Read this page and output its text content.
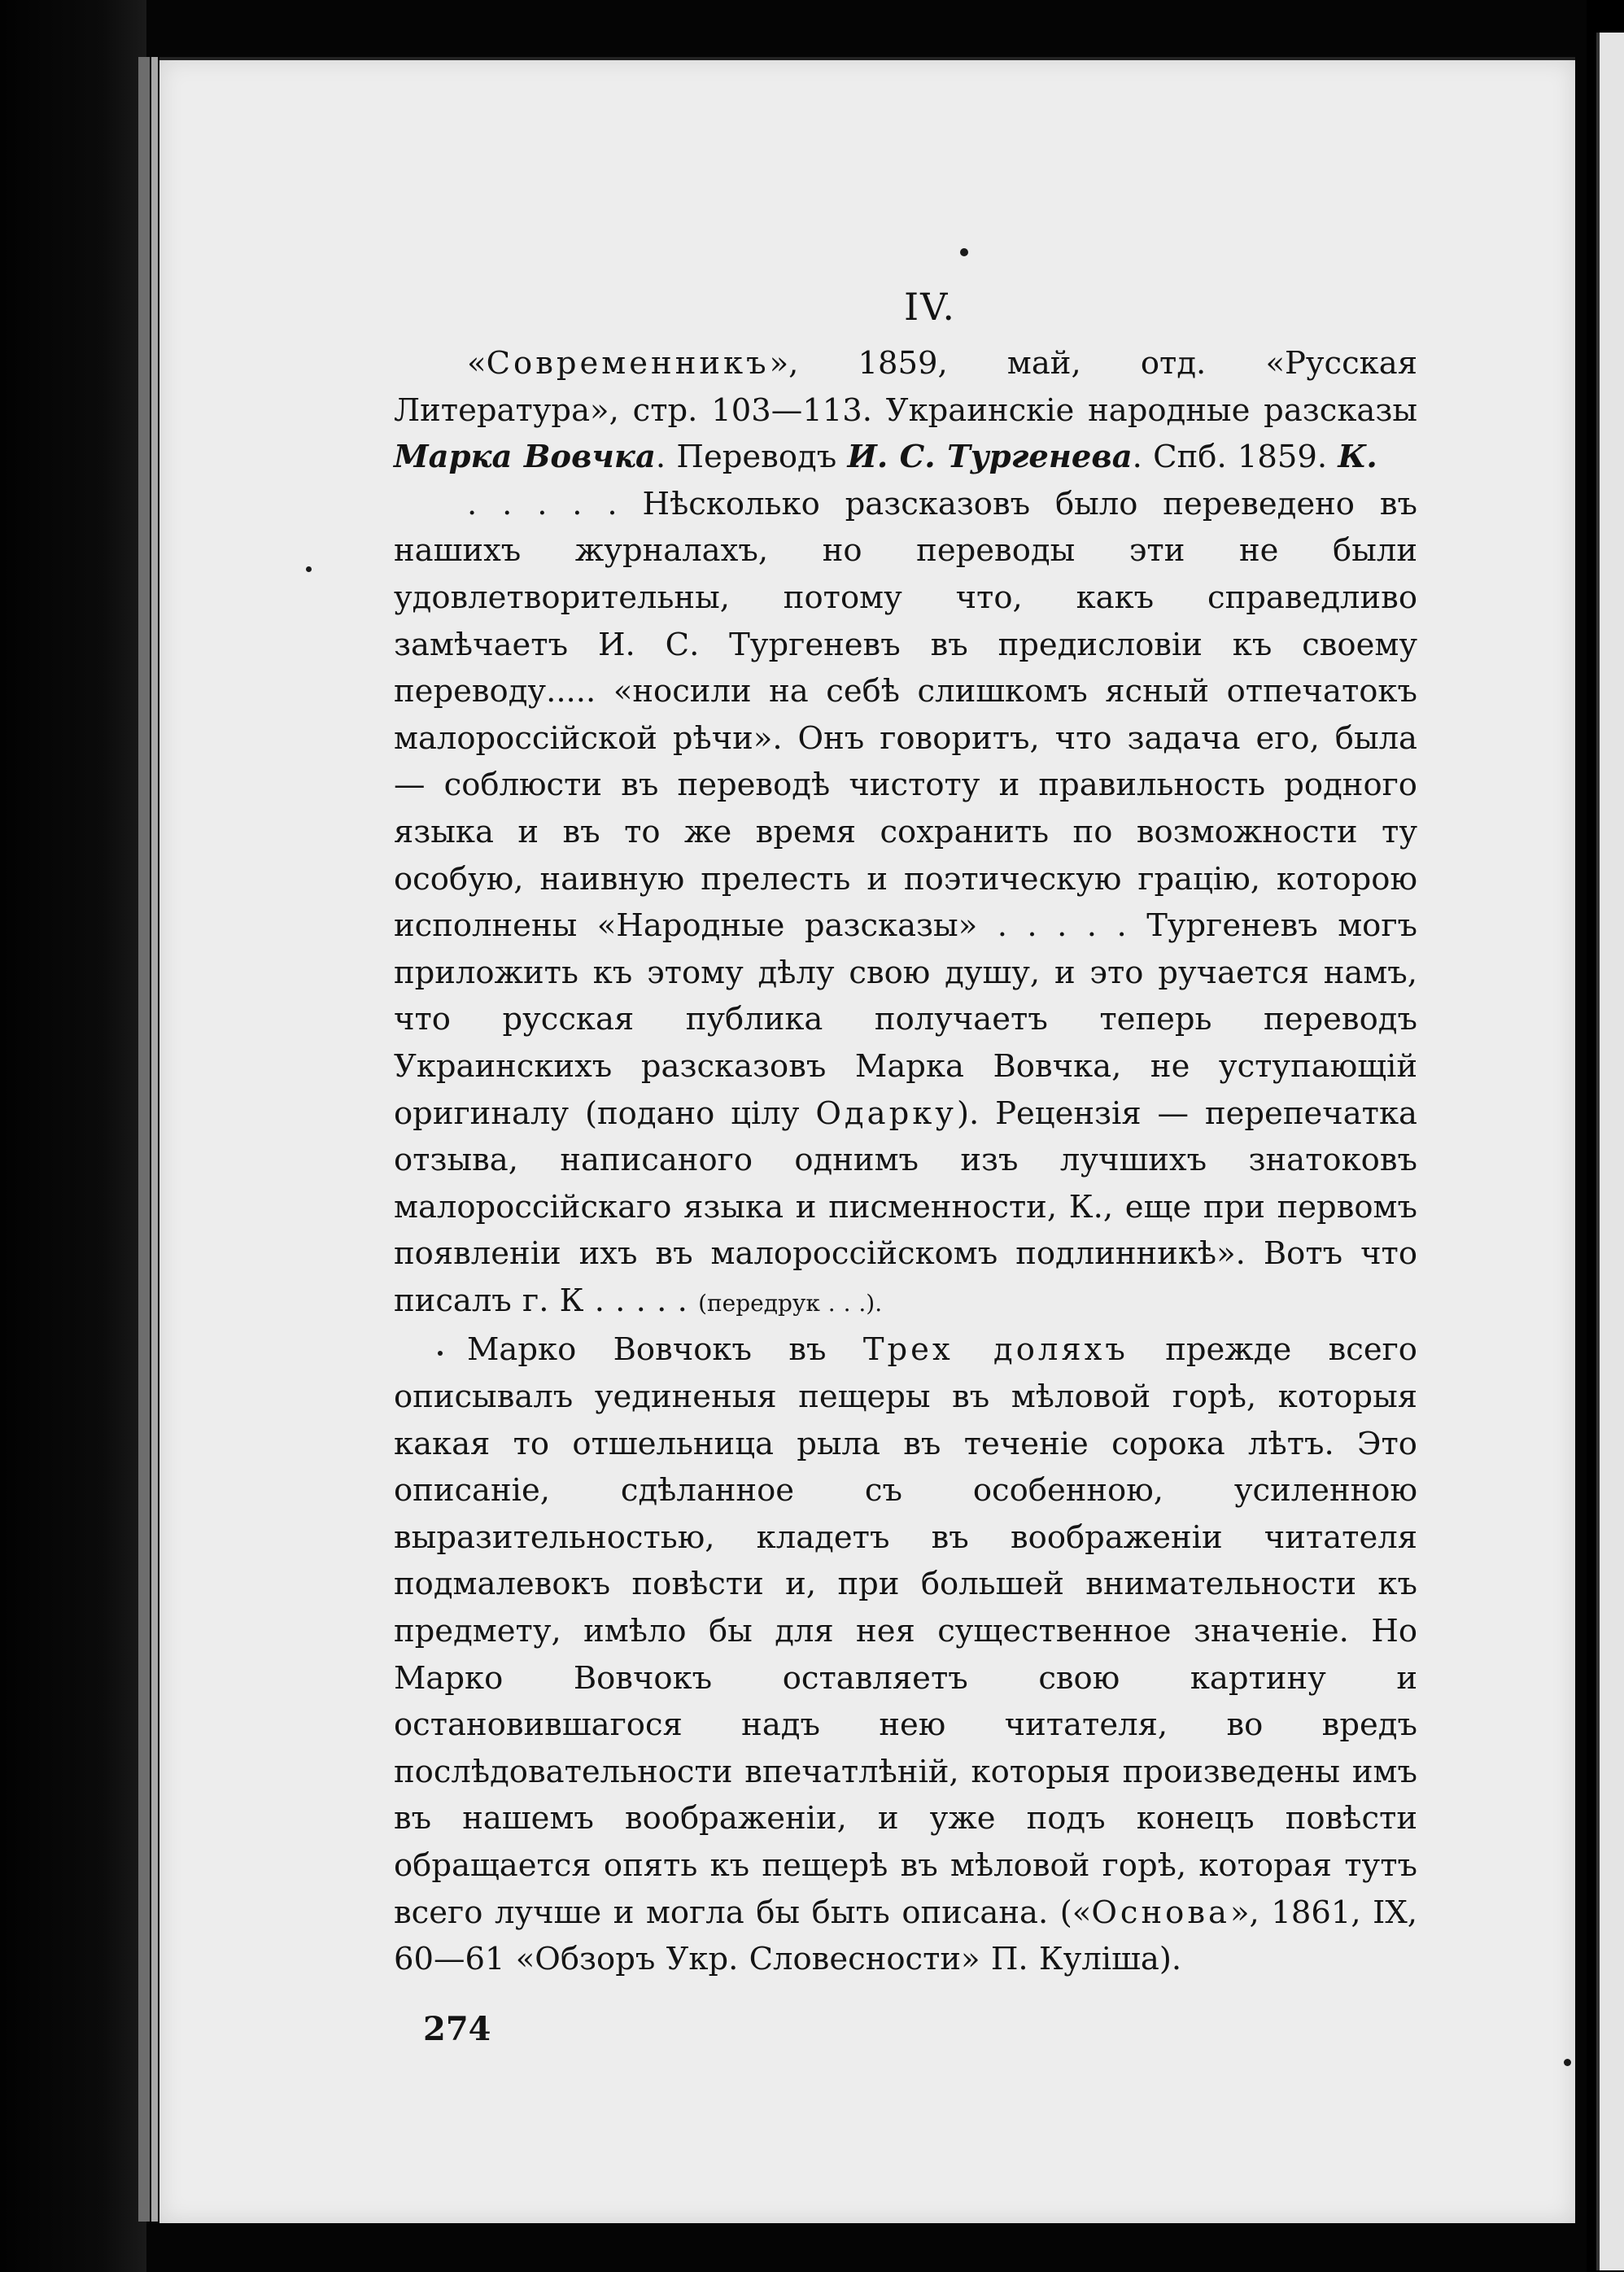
IV.

«Современникъ», 1859, май, отд. «Русская Литература», стр. 103—113. Украинскіе народные разсказы Марка Вовчка. Переводъ И. С. Тургенева. Спб. 1859. К.

. . . . . Нѣсколько разсказовъ было переведено въ нашихъ журналахъ, но переводы эти не были удовлетворительны, потому что, какъ справедливо замѣчаетъ И. С. Тургеневъ въ предисловіи къ своему переводу..... «носили на себѣ слишкомъ ясный отпечатокъ малороссійской рѣчи». Онъ говоритъ, что задача его, была — соблюсти въ переводѣ чистоту и правильность родного языка и въ то же время сохранить по возможности ту особую, наивную прелесть и поэтическую грацію, которою исполнены «Народные разсказы» . . . . . Тургеневъ могъ приложить къ этому дѣлу свою душу, и это ручается намъ, что русская публика получаетъ теперь переводъ Украинскихъ разсказовъ Марка Вовчка, не уступающій оригиналу (подано цілу Одарку). Рецензія — перепечатка отзыва, написаного однимъ изъ лучшихъ знатоковъ малороссійскаго языка и писменности, К., еще при первомъ появленіи ихъ въ малороссійскомъ подлинникѣ». Вотъ что писалъ г. К . . . . . (передрук . . .).

Марко Вовчокъ въ Трех доляхъ прежде всего описывалъ уединеныя пещеры въ мѣловой горѣ, которыя какая то отшельница рыла въ теченіе сорока лѣтъ. Это описаніе, сдѣланное съ особенною, усиленною выразительностью, кладетъ въ воображеніи читателя подмалевокъ повѣсти и, при большей внимательности къ предмету, имѣло бы для нея существенное значеніе. Но Марко Вовчокъ оставляетъ свою картину и остановившагося надъ нею читателя, во вредъ послѣдовательности впечатлѣній, которыя произведены имъ въ нашемъ воображеніи, и уже подъ конецъ повѣсти обращается опять къ пещерѣ въ мѣловой горѣ, которая тутъ всего лучше и могла бы быть описана. («Основа», 1861, IX, 60—61 «Обзоръ Укр. Словесности» П. Куліша).

274
